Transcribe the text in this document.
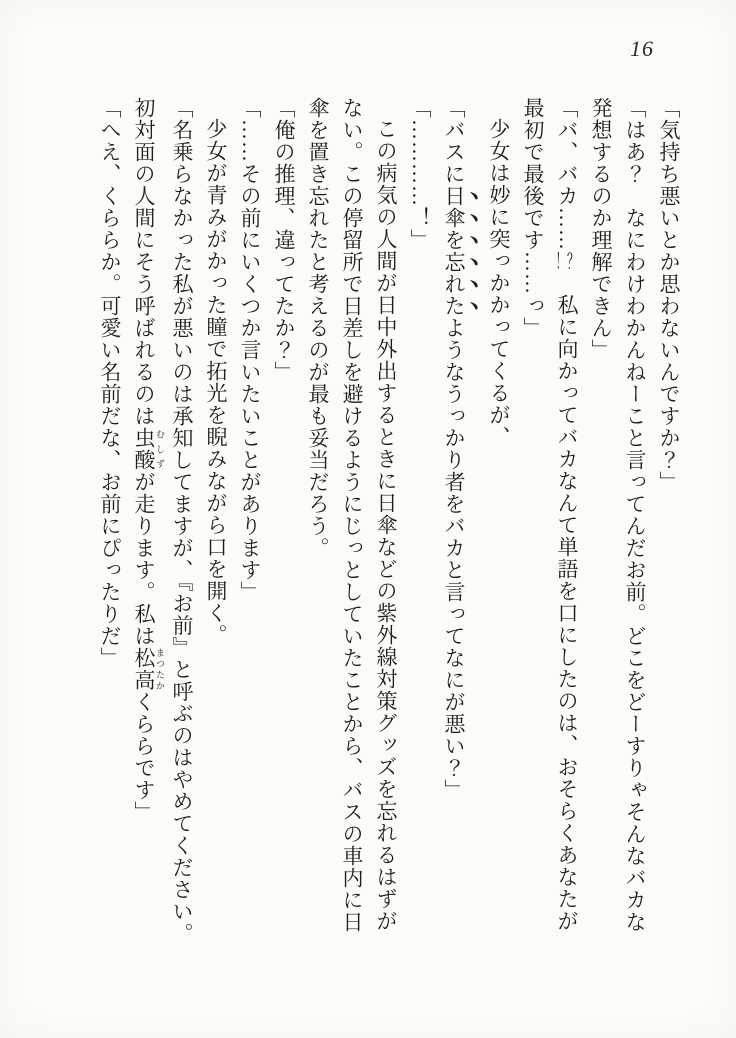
16

「気持ち悪いとか思わないんですか？」

「はあ？　なにわけわかんねーこと言ってんだお前。どこをどーすりゃそんなバカな

発想するのか理解できん」

「バ、バカ……！？　私に向かってバカなんて単語を口にしたのは、おそらくあなたが

最初で最後です……っ」

少女は妙に突っかかってくるが、

「バスに日傘を忘れたようなうっかり者をバカと言ってなにが悪い？」

「…………！」

この病気の人間が日中外出するときに日傘などの紫外線対策グッズを忘れるはずが

ない。この停留所で日差しを避けるようにじっとしていたことから、バスの車内に日

傘を置き忘れたと考えるのが最も妥当だろう。

「俺の推理、違ってたか？」

「……その前にいくつか言いたいことがあります」

少女が青みがかった瞳で拓光を睨みながら口を開く。

「名乗らなかった私が悪いのは承知してますが、『お前』と呼ぶのはやめてください。

初対面の人間にそう呼ばれるのは虫酸 むしずが走ります。私は松高 まつたかくららです」

「へえ、くららか。可愛い名前だな、お前にぴったりだ」
